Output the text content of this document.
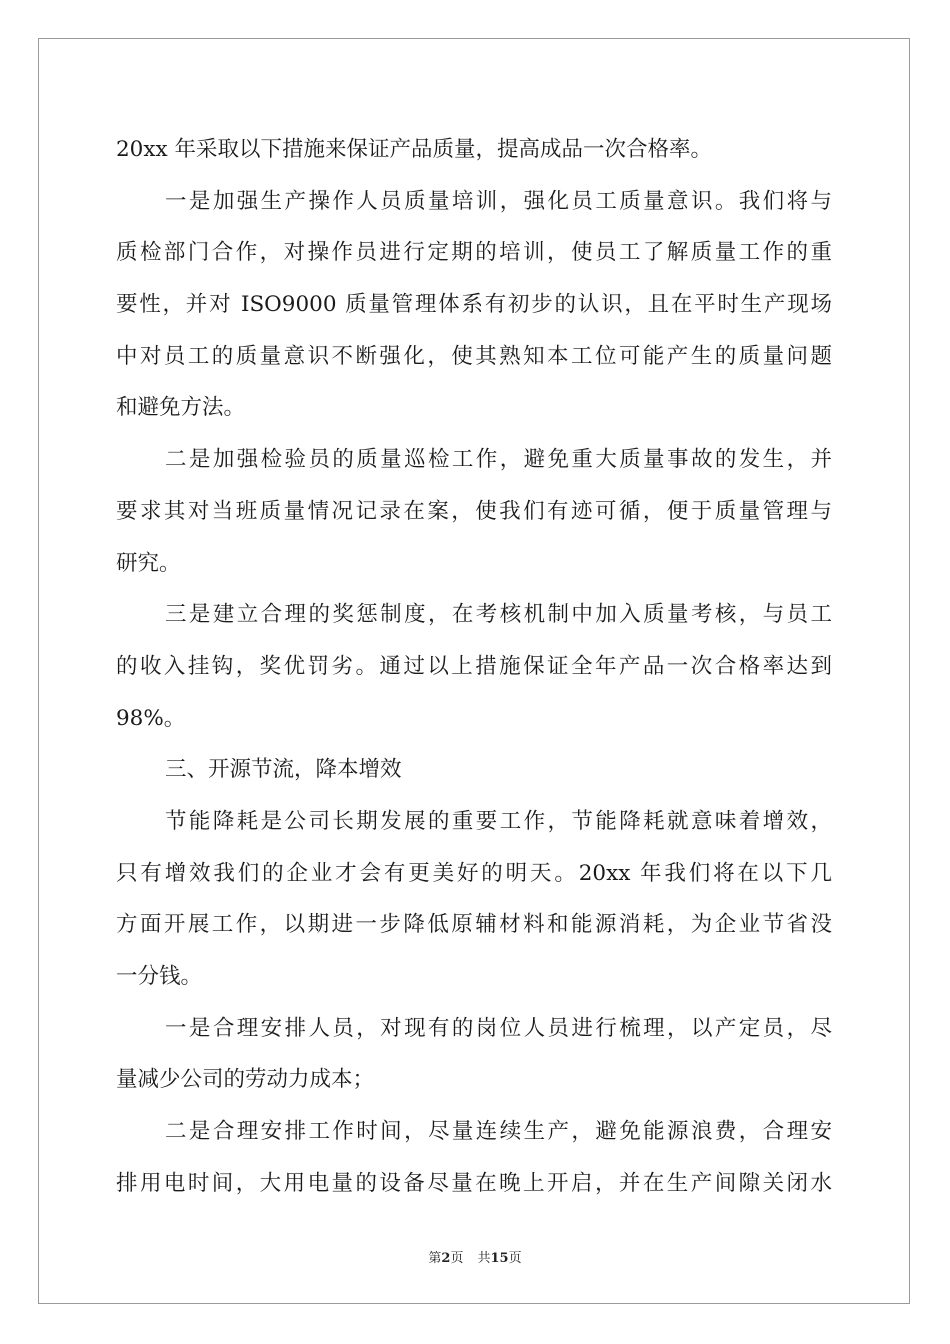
20xx 年采取以下措施来保证产品质量，提高成品一次合格率。
一是加强生产操作人员质量培训，强化员工质量意识。我们将与
质检部门合作，对操作员进行定期的培训，使员工了解质量工作的重
要性，并对 ISO9000 质量管理体系有初步的认识，且在平时生产现场
中对员工的质量意识不断强化，使其熟知本工位可能产生的质量问题
和避免方法。
二是加强检验员的质量巡检工作，避免重大质量事故的发生，并
要求其对当班质量情况记录在案，使我们有迹可循，便于质量管理与
研究。
三是建立合理的奖惩制度，在考核机制中加入质量考核，与员工
的收入挂钩，奖优罚劣。通过以上措施保证全年产品一次合格率达到
98%。
三、开源节流，降本增效
节能降耗是公司长期发展的重要工作，节能降耗就意味着增效，
只有增效我们的企业才会有更美好的明天。20xx 年我们将在以下几
方面开展工作，以期进一步降低原辅材料和能源消耗，为企业节省没
一分钱。
一是合理安排人员，对现有的岗位人员进行梳理，以产定员，尽
量减少公司的劳动力成本；
二是合理安排工作时间，尽量连续生产，避免能源浪费，合理安
排用电时间，大用电量的设备尽量在晚上开启，并在生产间隙关闭水
第2页 共15页
